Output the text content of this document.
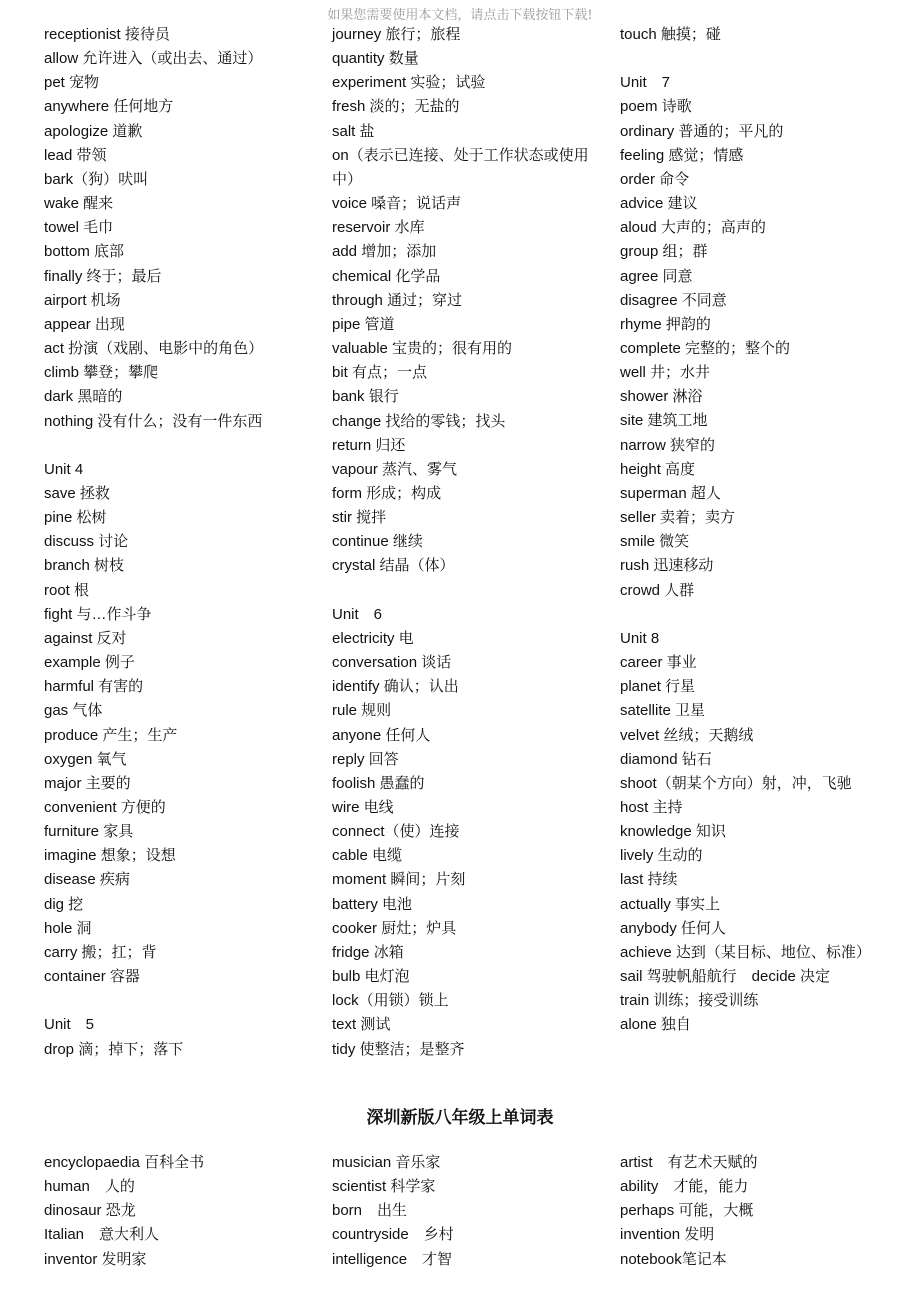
如果您需要使用本文档，请点击下载按钮下载!
receptionist 接待员
allow 允许进入（或出去、通过）
pet 宠物
anywhere 任何地方
apologize 道歉
lead 带领
bark（狗）吠叫
wake 醒来
towel 毛巾
bottom 底部
finally 终于；最后
airport 机场
appear 出现
act 扮演（戏剧、电影中的角色）
climb 攀登；攀爬
dark 黑暗的
nothing 没有什么；没有一件东西
Unit 4
save 拯救
pine 松树
discuss 讨论
branch 树枝
root 根
fight 与…作斗争
against 反对
example 例子
harmful 有害的
gas 气体
produce 产生；生产
oxygen 氧气
major 主要的
convenient 方便的
furniture 家具
imagine 想象；设想
disease 疾病
dig 挖
hole 洞
carry 搬；扛；背
container 容器
Unit　5
drop 滴；掉下；落下
journey 旅行；旅程
quantity 数量
experiment 实验；试验
fresh 淡的；无盐的
salt 盐
on（表示已连接、处于工作状态或使用中）
voice 嗓音；说话声
reservoir 水库
add 增加；添加
chemical 化学品
through 通过；穿过
pipe 管道
valuable 宝贵的；很有用的
bit 有点；一点
bank 银行
change 找给的零钱；找头
return 归还
vapour 蒸汽、雾气
form 形成；构成
stir 搅拌
continue 继续
crystal 结晶（体）
Unit　6
electricity 电
conversation 谈话
identify 确认；认出
rule 规则
anyone 任何人
reply 回答
foolish 愚蠢的
wire 电线
connect（使）连接
cable 电缆
moment 瞬间；片刻
battery 电池
cooker 厨灶；炉具
fridge 冰箱
bulb 电灯泡
lock（用锁）锁上
text 测试
tidy 使整洁；是整齐
touch 触摸；碰
Unit　7
poem 诗歌
ordinary 普通的；平凡的
feeling 感觉；情感
order 命令
advice 建议
aloud 大声的；高声的
group 组；群
agree 同意
disagree 不同意
rhyme 押韵的
complete 完整的；整个的
well 井；水井
shower 淋浴
site 建筑工地
narrow 狭窄的
height 高度
superman 超人
seller 卖着；卖方
smile 微笑
rush 迅速移动
crowd 人群
Unit 8
career 事业
planet 行星
satellite 卫星
velvet 丝绒；天鹅绒
diamond 钻石
shoot（朝某个方向）射，冲，飞驰
host 主持
knowledge 知识
lively 生动的
last 持续
actually 事实上
anybody 任何人
achieve 达到（某目标、地位、标准）
sail 驾驶帆船航行　decide 决定
train 训练；接受训练
alone 独自
深圳新版八年级上单词表
encyclopaedia 百科全书
human　人的
dinosaur 恐龙
Italian　意大利人
inventor 发明家
musician 音乐家
scientist 科学家
born　出生
countryside　乡村
intelligence　才智
artist　有艺术天赋的
ability　才能，能力
perhaps 可能，大概
invention 发明
notebook笔记本
